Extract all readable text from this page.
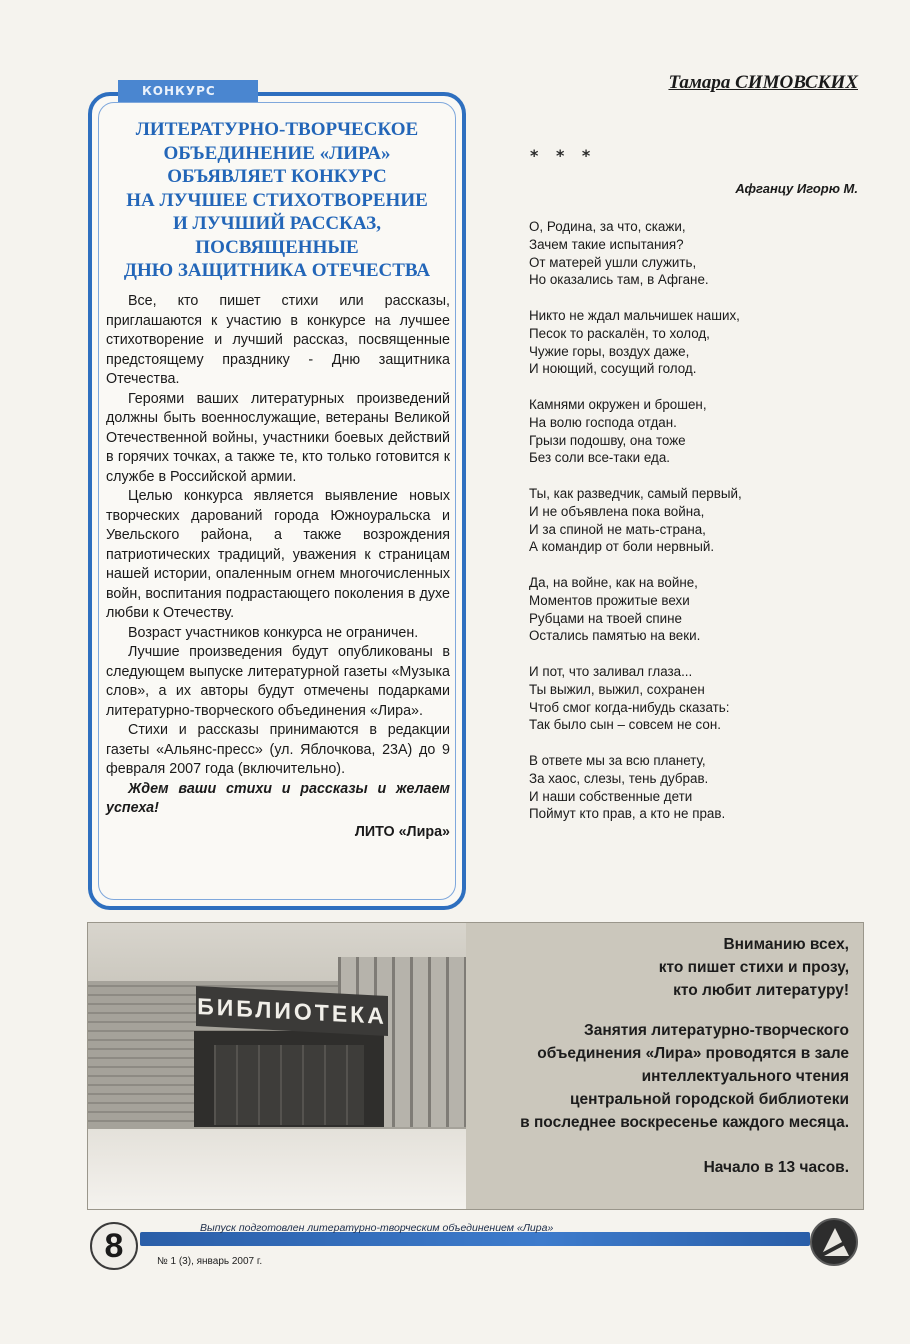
КОНКУРС
ЛИТЕРАТУРНО-ТВОРЧЕСКОЕ
ОБЪЕДИНЕНИЕ «ЛИРА»
ОБЪЯВЛЯЕТ КОНКУРС
НА ЛУЧШЕЕ СТИХОТВОРЕНИЕ
И ЛУЧШИЙ РАССКАЗ,
ПОСВЯЩЕННЫЕ
ДНЮ ЗАЩИТНИКА ОТЕЧЕСТВА

Все, кто пишет стихи или рассказы, приглашаются к участию в конкурсе на лучшее стихотворение и лучший рассказ, посвященные предстоящему празднику - Дню защитника Отечества.

Героями ваших литературных произведений должны быть военнослужащие, ветераны Великой Отечественной войны, участники боевых действий в горячих точках, а также те, кто только готовится к службе в Российской армии.

Целью конкурса является выявление новых творческих дарований города Южноуральска и Увельского района, а также возрождения патриотических традиций, уважения к страницам нашей истории, опаленным огнем многочисленных войн, воспитания подрастающего поколения в духе любви к Отечеству.

Возраст участников конкурса не ограничен.

Лучшие произведения будут опубликованы в следующем выпуске литературной газеты «Музыка слов», а их авторы будут отмечены подарками литературно-творческого объединения «Лира».

Стихи и рассказы принимаются в редакции газеты «Альянс-пресс» (ул. Яблочкова, 23А) до 9 февраля 2007 года (включительно).

Ждем ваши стихи и рассказы и желаем успеха!

ЛИТО «Лира»

Тамара СИМОВСКИХ
* * *
Афганцу Игорю М.
О, Родина, за что, скажи,
Зачем такие испытания?
От матерей ушли служить,
Но оказались там, в Афгане.
Никто не ждал мальчишек наших,
Песок то раскалён, то холод,
Чужие горы, воздух даже,
И ноющий, сосущий голод.
Камнями окружен и брошен,
На волю господа отдан.
Грызи подошву, она тоже
Без соли все-таки еда.
Ты, как разведчик, самый первый,
И не объявлена пока война,
И за спиной не мать-страна,
А командир от боли нервный.
Да, на войне, как на войне,
Моментов прожитые вехи
Рубцами на твоей спине
Остались памятью на веки.
И пот, что заливал глаза...
Ты выжил, выжил, сохранен
Чтоб смог когда-нибудь сказать:
Так было сын – совсем не сон.
В ответе мы за всю планету,
За хаос, слезы, тень дубрав.
И наши собственные дети
Поймут кто прав, а кто не прав.
БИБЛИОТЕКА
Вниманию всех,
кто пишет стихи и прозу,
кто любит литературу!
Занятия литературно-творческого
объединения «Лира» проводятся в зале
интеллектуального чтения
центральной городской библиотеки
в последнее воскресенье каждого месяца.
Начало в 13 часов.
Выпуск подготовлен литературно-творческим объединением «Лира»
8	№ 1 (3), январь 2007 г.
